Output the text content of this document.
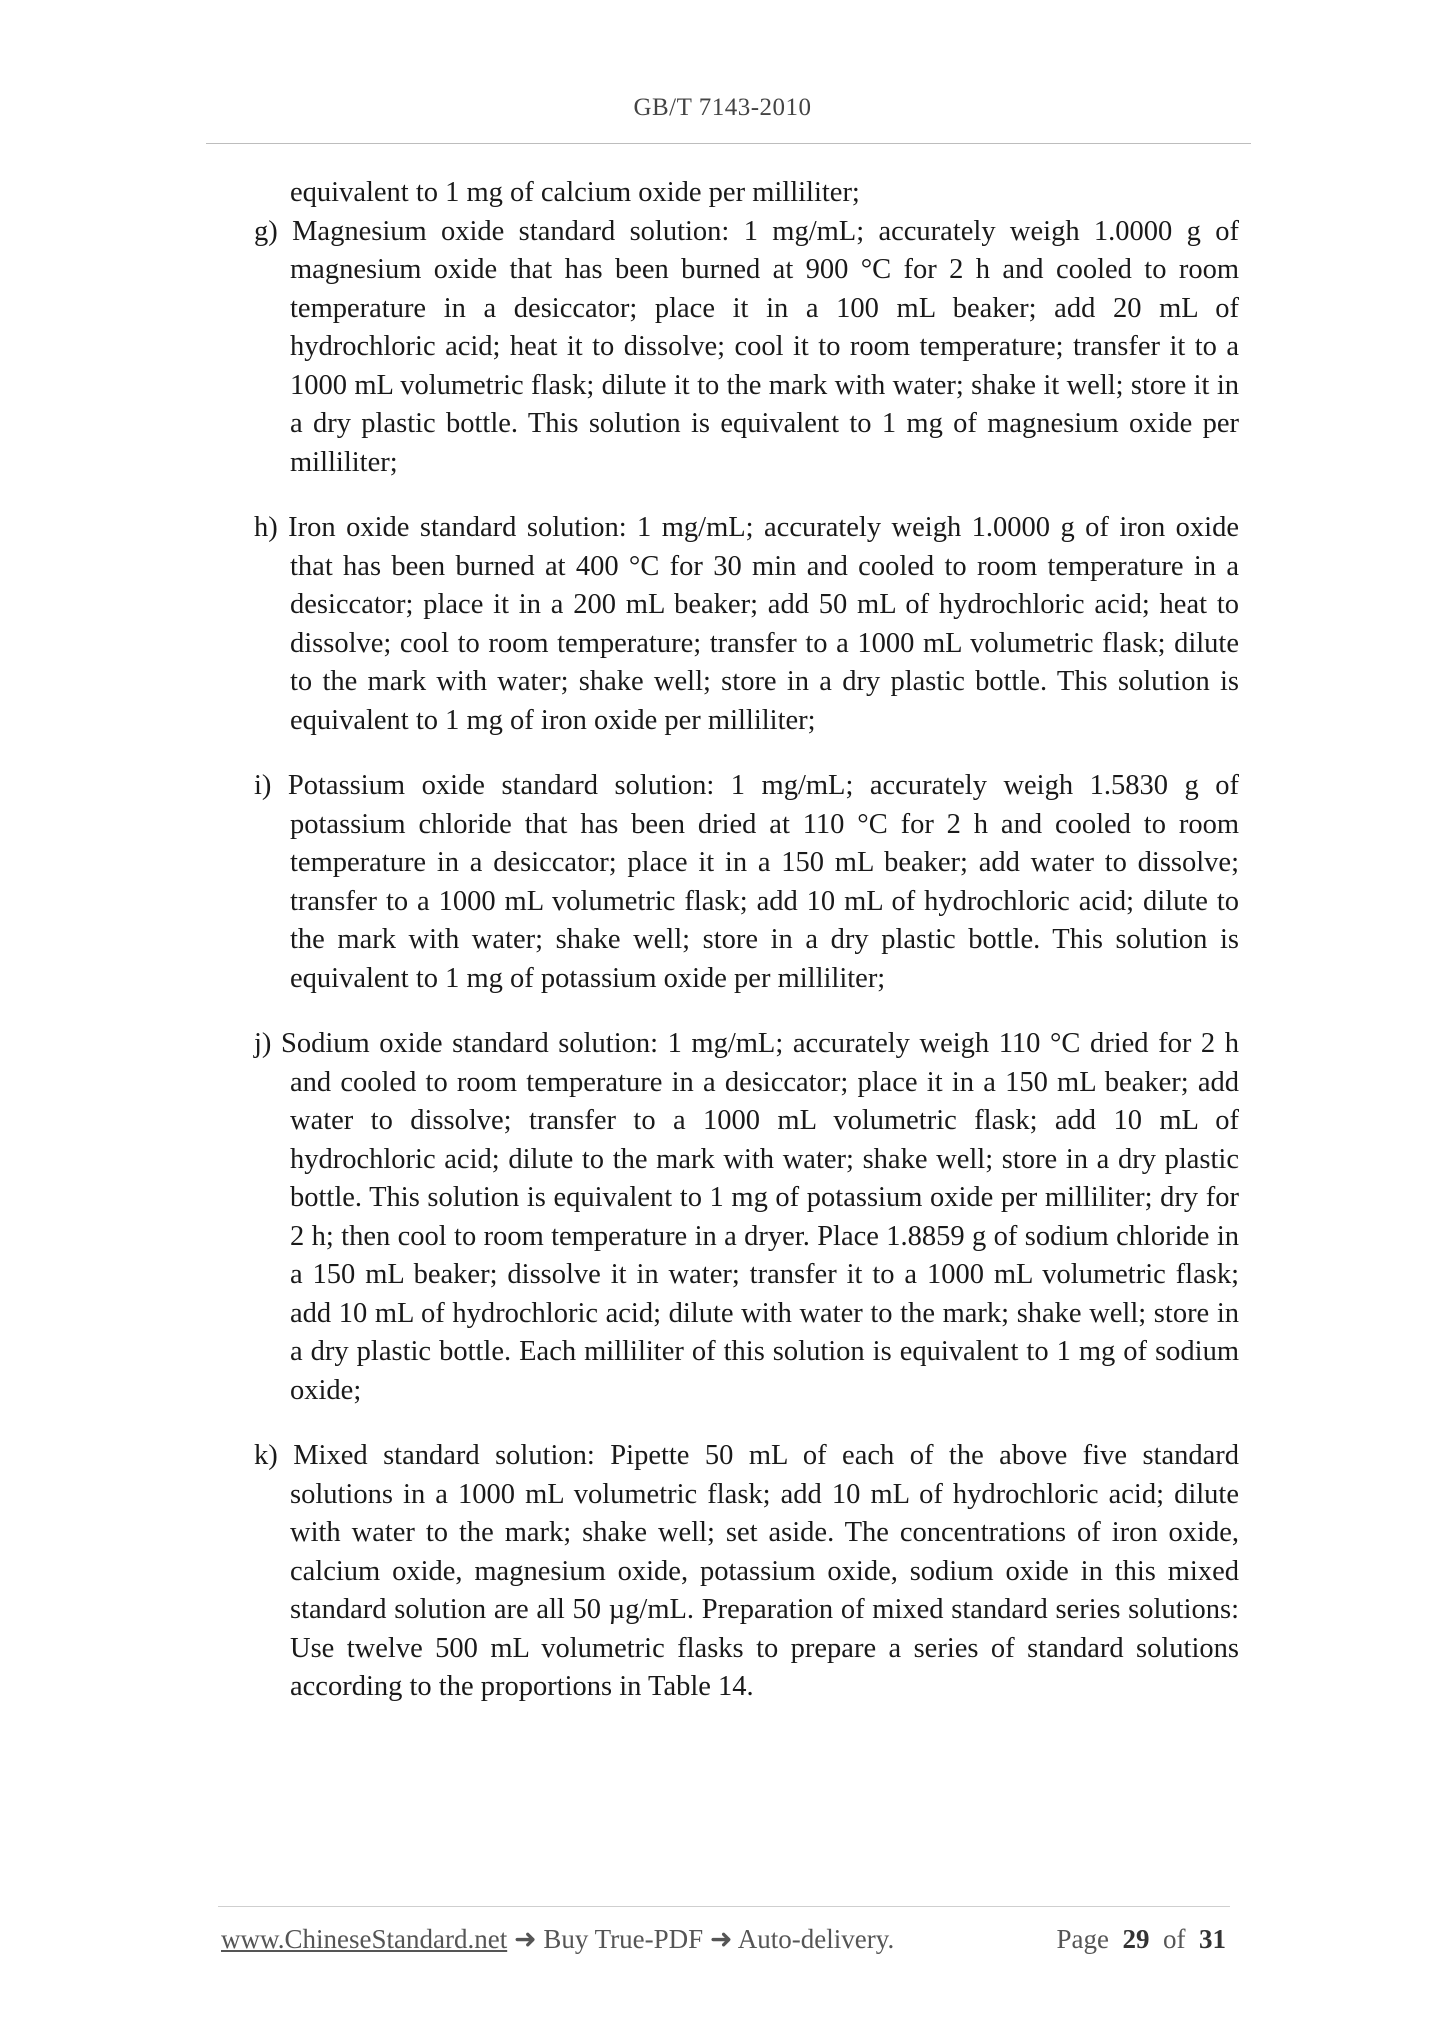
GB/T 7143-2010

equivalent to 1 mg of calcium oxide per milliliter;

g) Magnesium oxide standard solution: 1 mg/mL; accurately weigh 1.0000 g of magnesium oxide that has been burned at 900 °C for 2 h and cooled to room temperature in a desiccator; place it in a 100 mL beaker; add 20 mL of hydrochloric acid; heat it to dissolve; cool it to room temperature; transfer it to a 1000 mL volumetric flask; dilute it to the mark with water; shake it well; store it in a dry plastic bottle. This solution is equivalent to 1 mg of magnesium oxide per milliliter;

h) Iron oxide standard solution: 1 mg/mL; accurately weigh 1.0000 g of iron oxide that has been burned at 400 °C for 30 min and cooled to room temperature in a desiccator; place it in a 200 mL beaker; add 50 mL of hydrochloric acid; heat to dissolve; cool to room temperature; transfer to a 1000 mL volumetric flask; dilute to the mark with water; shake well; store in a dry plastic bottle. This solution is equivalent to 1 mg of iron oxide per milliliter;

i) Potassium oxide standard solution: 1 mg/mL; accurately weigh 1.5830 g of potassium chloride that has been dried at 110 °C for 2 h and cooled to room temperature in a desiccator; place it in a 150 mL beaker; add water to dissolve; transfer to a 1000 mL volumetric flask; add 10 mL of hydrochloric acid; dilute to the mark with water; shake well; store in a dry plastic bottle. This solution is equivalent to 1 mg of potassium oxide per milliliter;

j) Sodium oxide standard solution: 1 mg/mL; accurately weigh 110 °C dried for 2 h and cooled to room temperature in a desiccator; place it in a 150 mL beaker; add water to dissolve; transfer to a 1000 mL volumetric flask; add 10 mL of hydrochloric acid; dilute to the mark with water; shake well; store in a dry plastic bottle. This solution is equivalent to 1 mg of potassium oxide per milliliter; dry for 2 h; then cool to room temperature in a dryer. Place 1.8859 g of sodium chloride in a 150 mL beaker; dissolve it in water; transfer it to a 1000 mL volumetric flask; add 10 mL of hydrochloric acid; dilute with water to the mark; shake well; store in a dry plastic bottle. Each milliliter of this solution is equivalent to 1 mg of sodium oxide;

k) Mixed standard solution: Pipette 50 mL of each of the above five standard solutions in a 1000 mL volumetric flask; add 10 mL of hydrochloric acid; dilute with water to the mark; shake well; set aside. The concentrations of iron oxide, calcium oxide, magnesium oxide, potassium oxide, sodium oxide in this mixed standard solution are all 50 µg/mL. Preparation of mixed standard series solutions: Use twelve 500 mL volumetric flasks to prepare a series of standard solutions according to the proportions in Table 14.

www.ChineseStandard.net ➜ Buy True-PDF ➜ Auto-delivery.	Page 29 of 31
